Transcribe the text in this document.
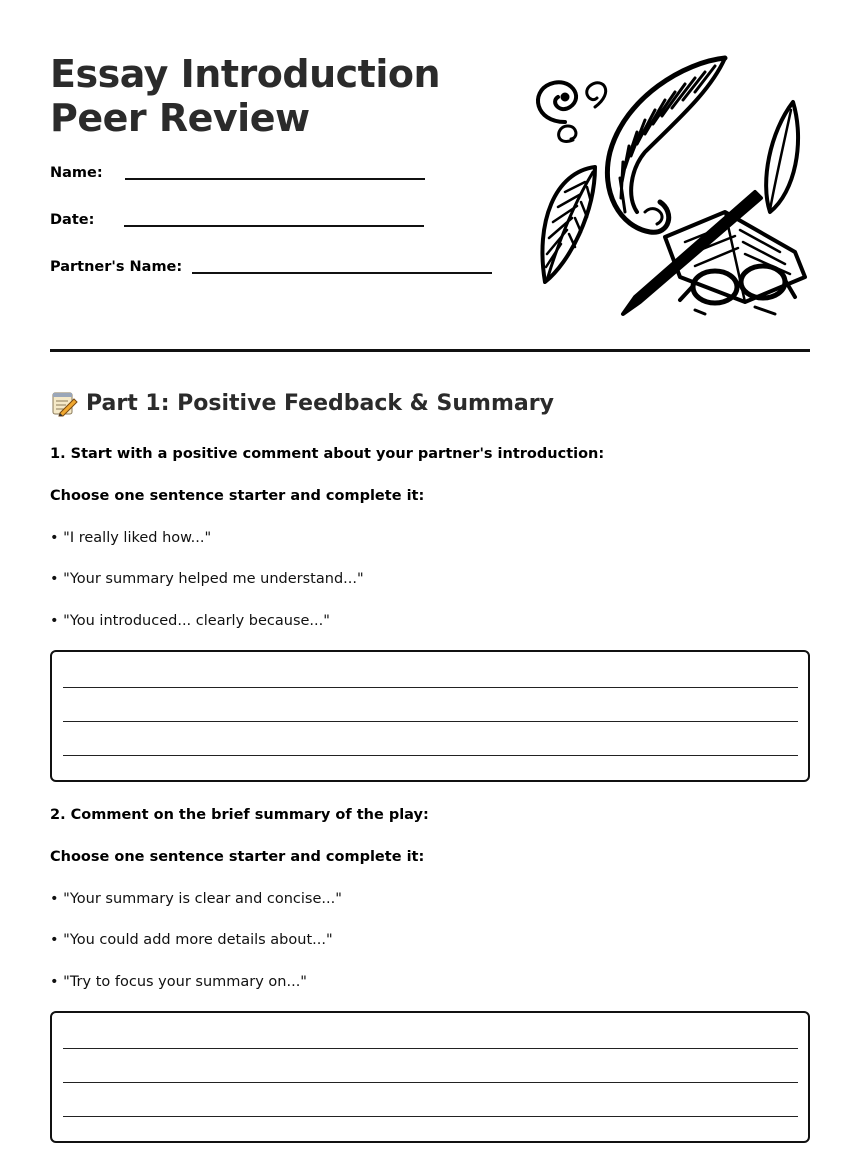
Essay Introduction Peer Review
Name:
Date:
Partner's Name:
Part 1: Positive Feedback & Summary
1. Start with a positive comment about your partner's introduction:
Choose one sentence starter and complete it:
• "I really liked how..."
• "Your summary helped me understand..."
• "You introduced... clearly because..."
2. Comment on the brief summary of the play:
Choose one sentence starter and complete it:
• "Your summary is clear and concise..."
• "You could add more details about..."
• "Try to focus your summary on..."
